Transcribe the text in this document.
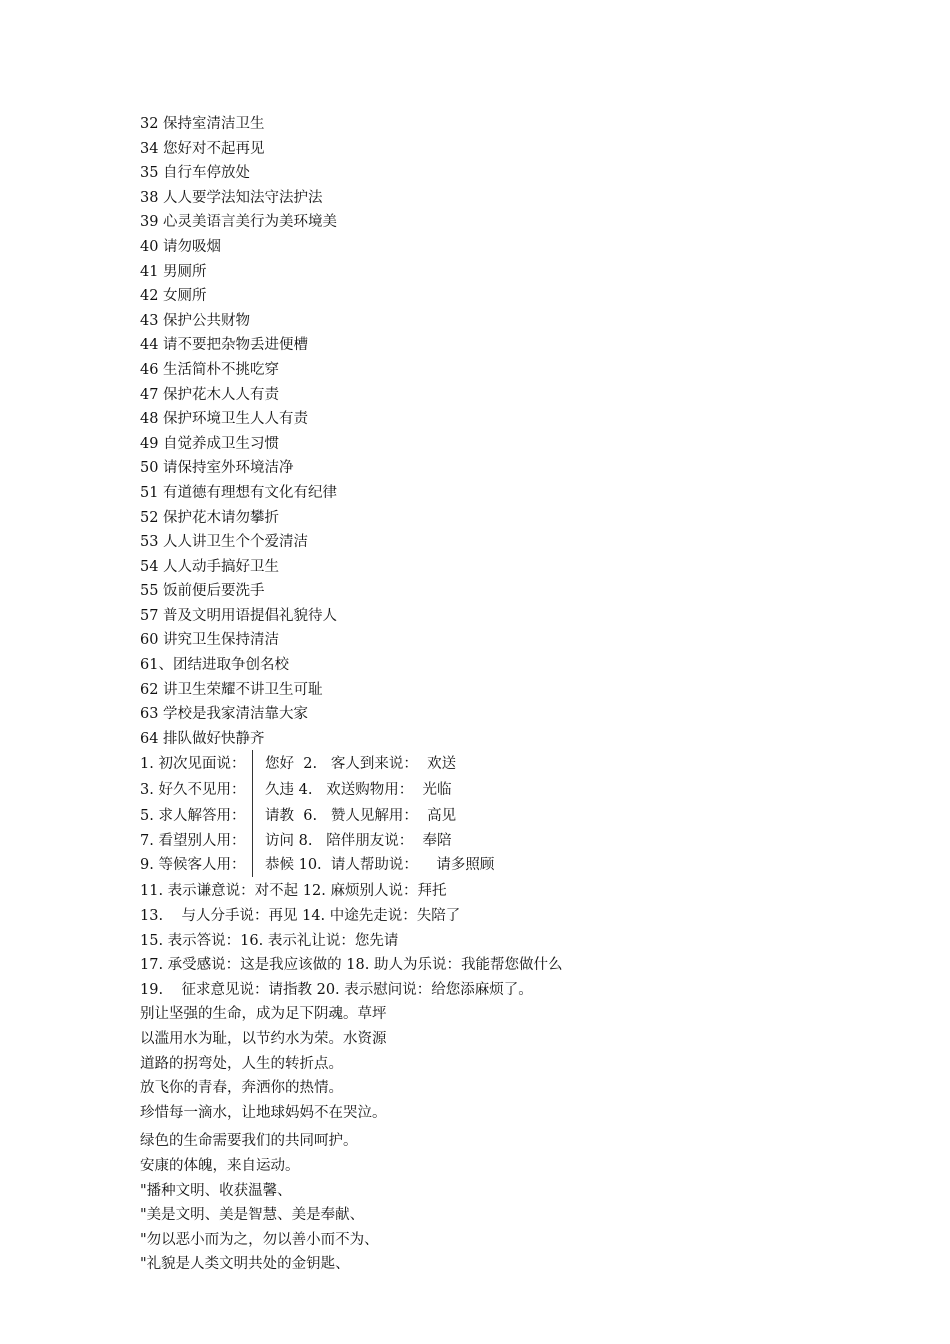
32 保持室清洁卫生
34 您好对不起再见
35 自行车停放处
38 人人要学法知法守法护法
39 心灵美语言美行为美环境美
40 请勿吸烟
41 男厕所
42 女厕所
43 保护公共财物
44 请不要把杂物丢进便槽
46 生活简朴不挑吃穿
47 保护花木人人有责
48 保护环境卫生人人有责
49 自觉养成卫生习惯
50 请保持室外环境洁净
51 有道德有理想有文化有纪律
52 保护花木请勿攀折
53 人人讲卫生个个爱清洁
54 人人动手搞好卫生
55 饭前便后要洗手
57 普及文明用语提倡礼貌待人
60 讲究卫生保持清洁
61、团结进取争创名校
62 讲卫生荣耀不讲卫生可耻
63 学校是我家清洁靠大家
64 排队做好快静齐
1. 初次见面说：	您好  2.   客人到来说：  欢送
3. 好久不见用：	久违 4.   欢送购物用：  光临
5. 求人解答用：	请教  6.   赞人见解用：  高见
7. 看望别人用：	访问 8.   陪伴朋友说：  奉陪
9. 等候客人用：	恭候 10.  请人帮助说：    请多照顾
11. 表示谦意说：对不起 12. 麻烦别人说：拜托
13.    与人分手说：再见 14. 中途先走说：失陪了
15. 表示答说：16. 表示礼让说：您先请
17. 承受感说：这是我应该做的 18. 助人为乐说：我能帮您做什么
19.    征求意见说：请指教 20. 表示慰问说：给您添麻烦了。
别让坚强的生命，成为足下阴魂。草坪
以滥用水为耻，以节约水为荣。水资源
道路的拐弯处，人生的转折点。
放飞你的青春，奔洒你的热情。
珍惜每一滴水，让地球妈妈不在哭泣。
绿色的生命需要我们的共同呵护。
安康的体魄，来自运动。
"播种文明、收获温馨、
"美是文明、美是智慧、美是奉献、
"勿以恶小而为之，勿以善小而不为、
"礼貌是人类文明共处的金钥匙、
